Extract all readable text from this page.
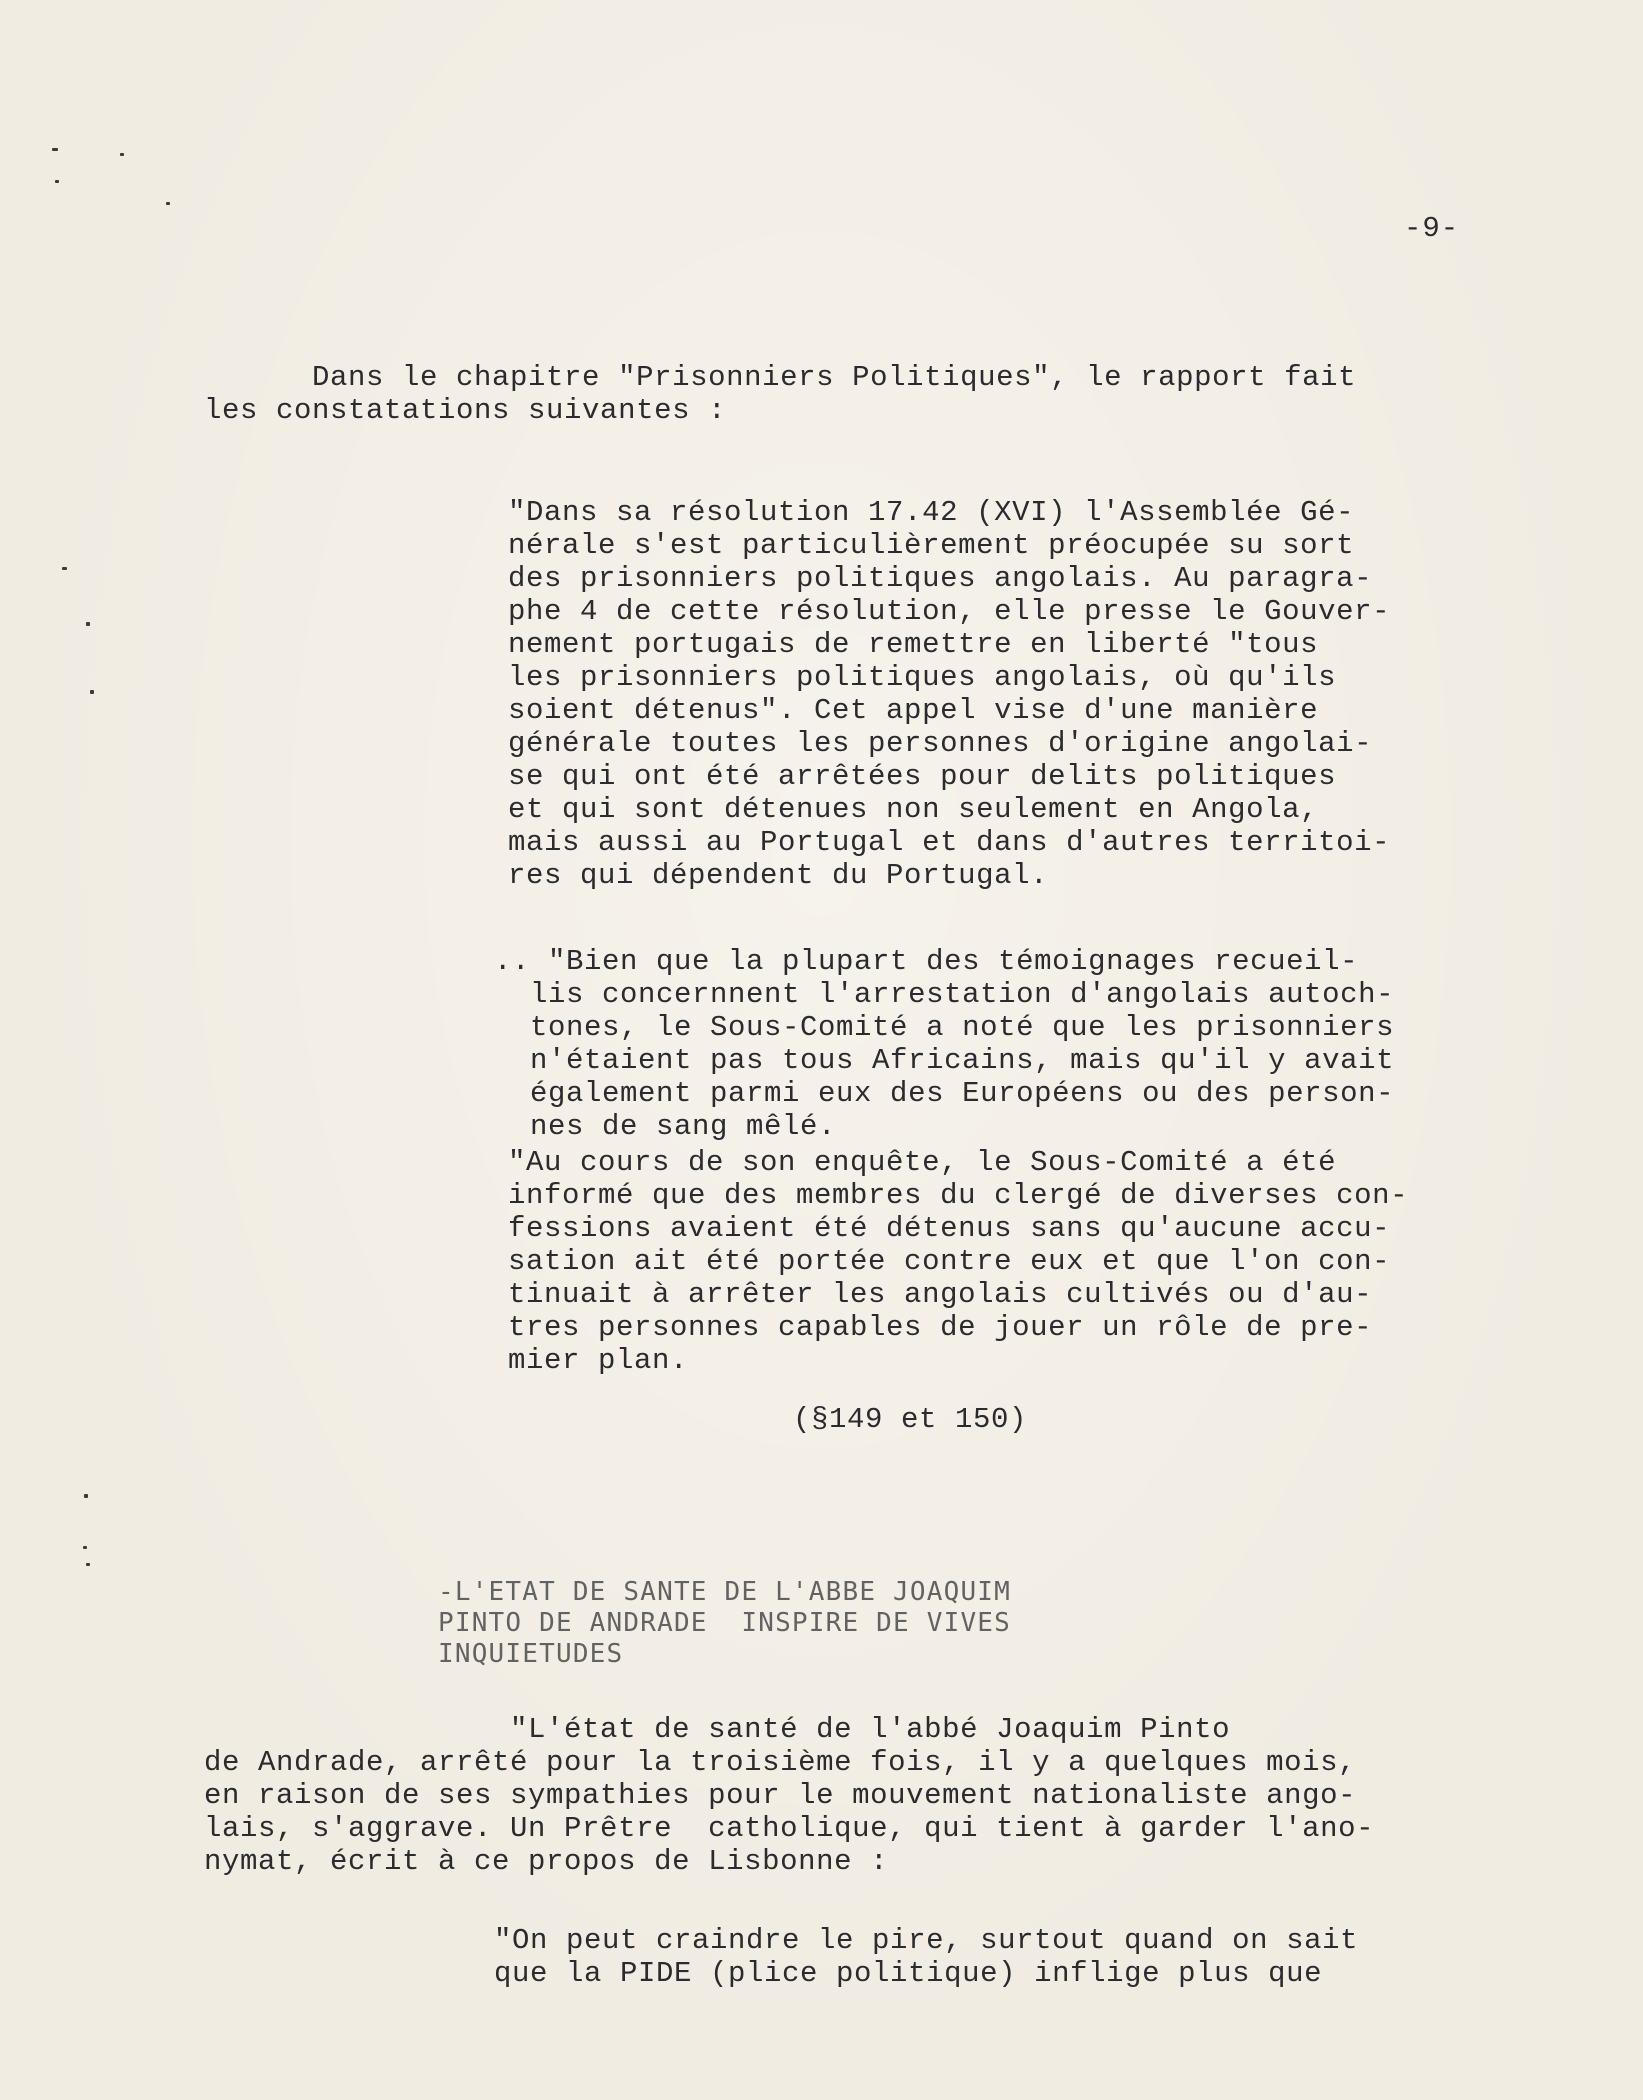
-9-
Dans le chapitre "Prisonniers Politiques", le rapport fait
les constatations suivantes :
"Dans sa résolution 17.42 (XVI) l'Assemblée Gé-
nérale s'est particulièrement préocupée su sort
des prisonniers politiques angolais. Au paragra-
phe 4 de cette résolution, elle presse le Gouver-
nement portugais de remettre en liberté "tous
les prisonniers politiques angolais, où qu'ils
soient détenus". Cet appel vise d'une manière
générale toutes les personnes d'origine angolai-
se qui ont été arrêtées pour delits politiques
et qui sont détenues non seulement en Angola,
mais aussi au Portugal et dans d'autres territoi-
res qui dépendent du Portugal.
.. "Bien que la plupart des témoignages recueil-
lis concernnent l'arrestation d'angolais autoch-
tones, le Sous-Comité a noté que les prisonniers
n'étaient pas tous Africains, mais qu'il y avait
également parmi eux des Européens ou des person-
nes de sang mêlé.
"Au cours de son enquête, le Sous-Comité a été
informé que des membres du clergé de diverses con-
fessions avaient été détenus sans qu'aucune accu-
sation ait été portée contre eux et que l'on con-
tinuait à arrêter les angolais cultivés ou d'au-
tres personnes capables de jouer un rôle de pre-
mier plan.
(§149 et 150)
-L'ETAT DE SANTE DE L'ABBE JOAQUIM
PINTO DE ANDRADE  INSPIRE DE VIVES
INQUIETUDES
"L'état de santé de l'abbé Joaquim Pinto
de Andrade, arrêté pour la troisième fois, il y a quelques mois,
en raison de ses sympathies pour le mouvement nationaliste ango-
lais, s'aggrave. Un Prêtre  catholique, qui tient à garder l'ano-
nymat, écrit à ce propos de Lisbonne :
"On peut craindre le pire, surtout quand on sait
que la PIDE (plice politique) inflige plus que
